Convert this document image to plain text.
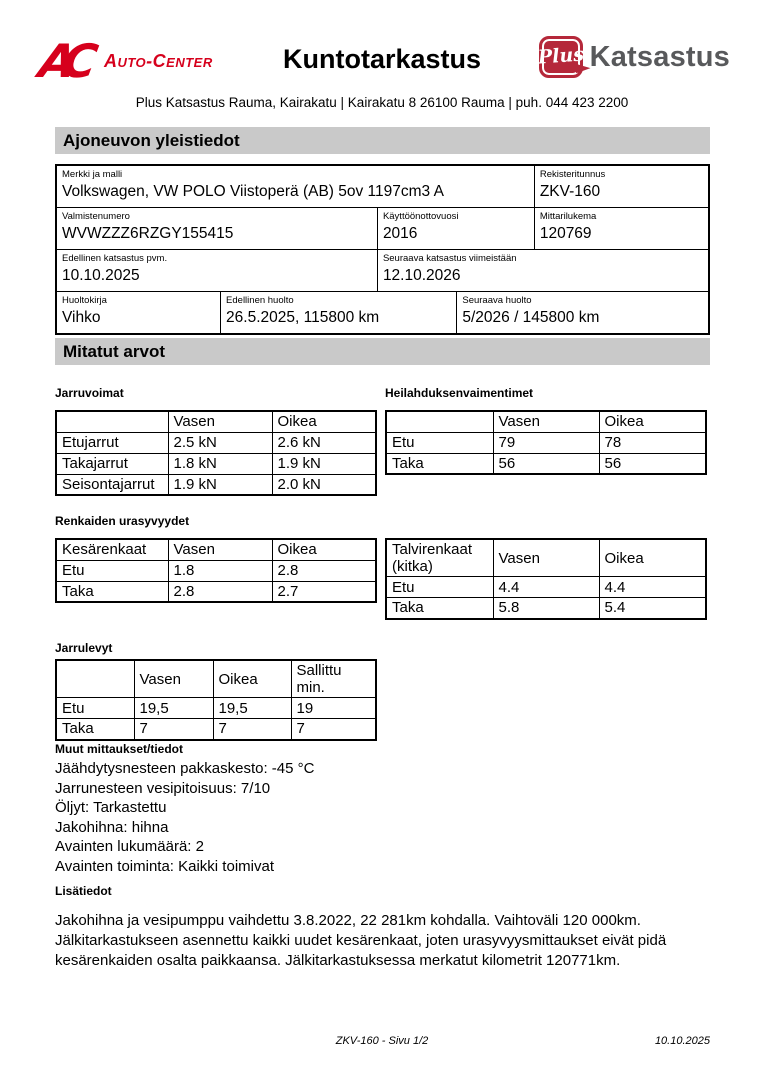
AC Auto-Center	Kuntotarkastus	Plus Katsastus
Plus Katsastus Rauma, Kairakatu | Kairakatu 8 26100 Rauma | puh. 044 423 2200
Ajoneuvon yleistiedot
Merkki ja malli
Volkswagen, VW POLO Viistoperä (AB) 5ov 1197cm3 A
Rekisteritunnus
ZKV-160
Valmistenumero
WVWZZZ6RZGY155415
Käyttöönottovuosi
2016
Mittarilukema
120769
Edellinen katsastus pvm.
10.10.2025
Seuraava katsastus viimeistään
12.10.2026
Huoltokirja
Vihko
Edellinen huolto
26.5.2025, 115800 km
Seuraava huolto
5/2026 / 145800 km
Mitatut arvot
Jarruvoimat
	Vasen	Oikea
Etujarrut	2.5 kN	2.6 kN
Takajarrut	1.8 kN	1.9 kN
Seisontajarrut	1.9 kN	2.0 kN
Heilahduksenvaimentimet
	Vasen	Oikea
Etu	79	78
Taka	56	56
Renkaiden urasyvyydet
Kesärenkaat	Vasen	Oikea
Etu	1.8	2.8
Taka	2.8	2.7
Talvirenkaat (kitka)	Vasen	Oikea
Etu	4.4	4.4
Taka	5.8	5.4
Jarrulevyt
	Vasen	Oikea	Sallittu min.
Etu	19,5	19,5	19
Taka	7	7	7
Muut mittaukset/tiedot
Jäähdytysnesteen pakkaskesto: -45 °C
Jarrunesteen vesipitoisuus: 7/10
Öljyt: Tarkastettu
Jakohihna: hihna
Avainten lukumäärä: 2
Avainten toiminta: Kaikki toimivat
Lisätiedot
Jakohihna ja vesipumppu vaihdettu 3.8.2022, 22 281km kohdalla. Vaihtoväli 120 000km. Jälkitarkastukseen asennettu kaikki uudet kesärenkaat, joten urasyvyysmittaukset eivät pidä kesärenkaiden osalta paikkaansa. Jälkitarkastuksessa merkatut kilometrit 120771km.
ZKV-160 - Sivu 1/2	10.10.2025
